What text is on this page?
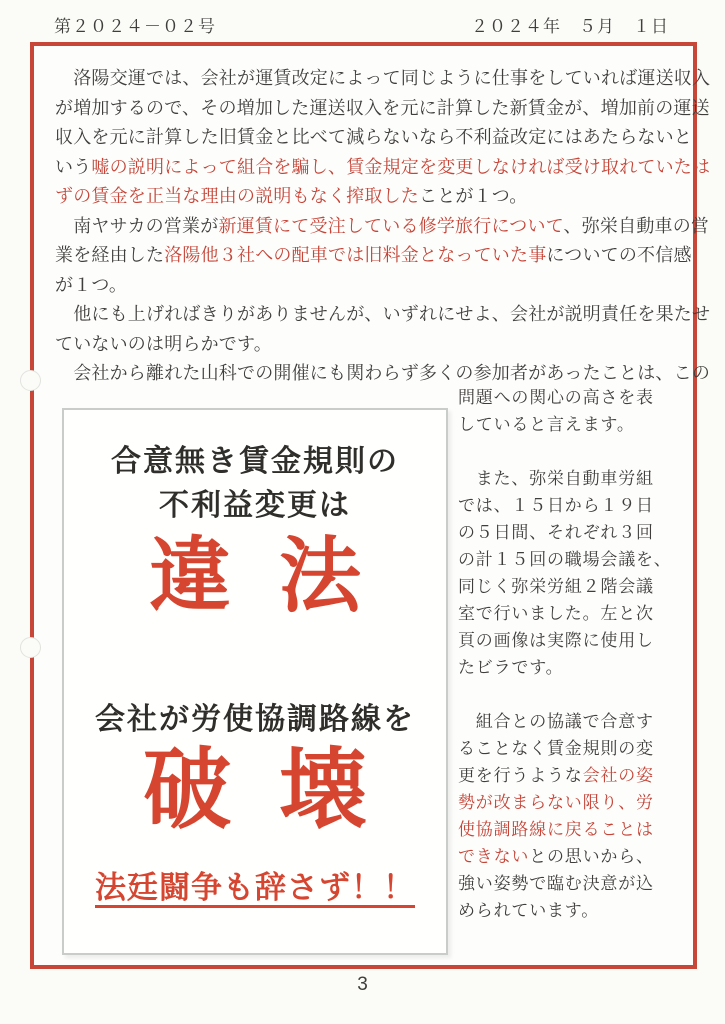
第２０２４－０２号	２０２４年　５月　１日
　洛陽交運では、会社が運賃改定によって同じように仕事をしていれば運送収入
が増加するので、その増加した運送収入を元に計算した新賃金が、増加前の運送
収入を元に計算した旧賃金と比べて減らないなら不利益改定にはあたらないと
いう嘘の説明によって組合を騙し、賃金規定を変更しなければ受け取れていたは
ずの賃金を正当な理由の説明もなく搾取したことが１つ。
　南ヤサカの営業が新運賃にて受注している修学旅行について、弥栄自動車の営
業を経由した洛陽他３社への配車では旧料金となっていた事についての不信感
が１つ。
　他にも上げればきりがありませんが、いずれにせよ、会社が説明責任を果たせ
ていないのは明らかです。
　会社から離れた山科での開催にも関わらず多くの参加者があったことは、この
問題への関心の高さを表
していると言えます。

　また、弥栄自動車労組
では、１５日から１９日
の５日間、それぞれ３回
の計１５回の職場会議を、
同じく弥栄労組２階会議
室で行いました。左と次
頁の画像は実際に使用し
たビラです。

　組合との協議で合意す
ることなく賃金規則の変
更を行うような会社の姿
勢が改まらない限り、労
使協調路線に戻ることは
できないとの思いから、
強い姿勢で臨む決意が込
められています。
合意無き賃金規則の
不利益変更は
違法
会社が労使協調路線を
破壊
法廷闘争も辞さず！！
3
